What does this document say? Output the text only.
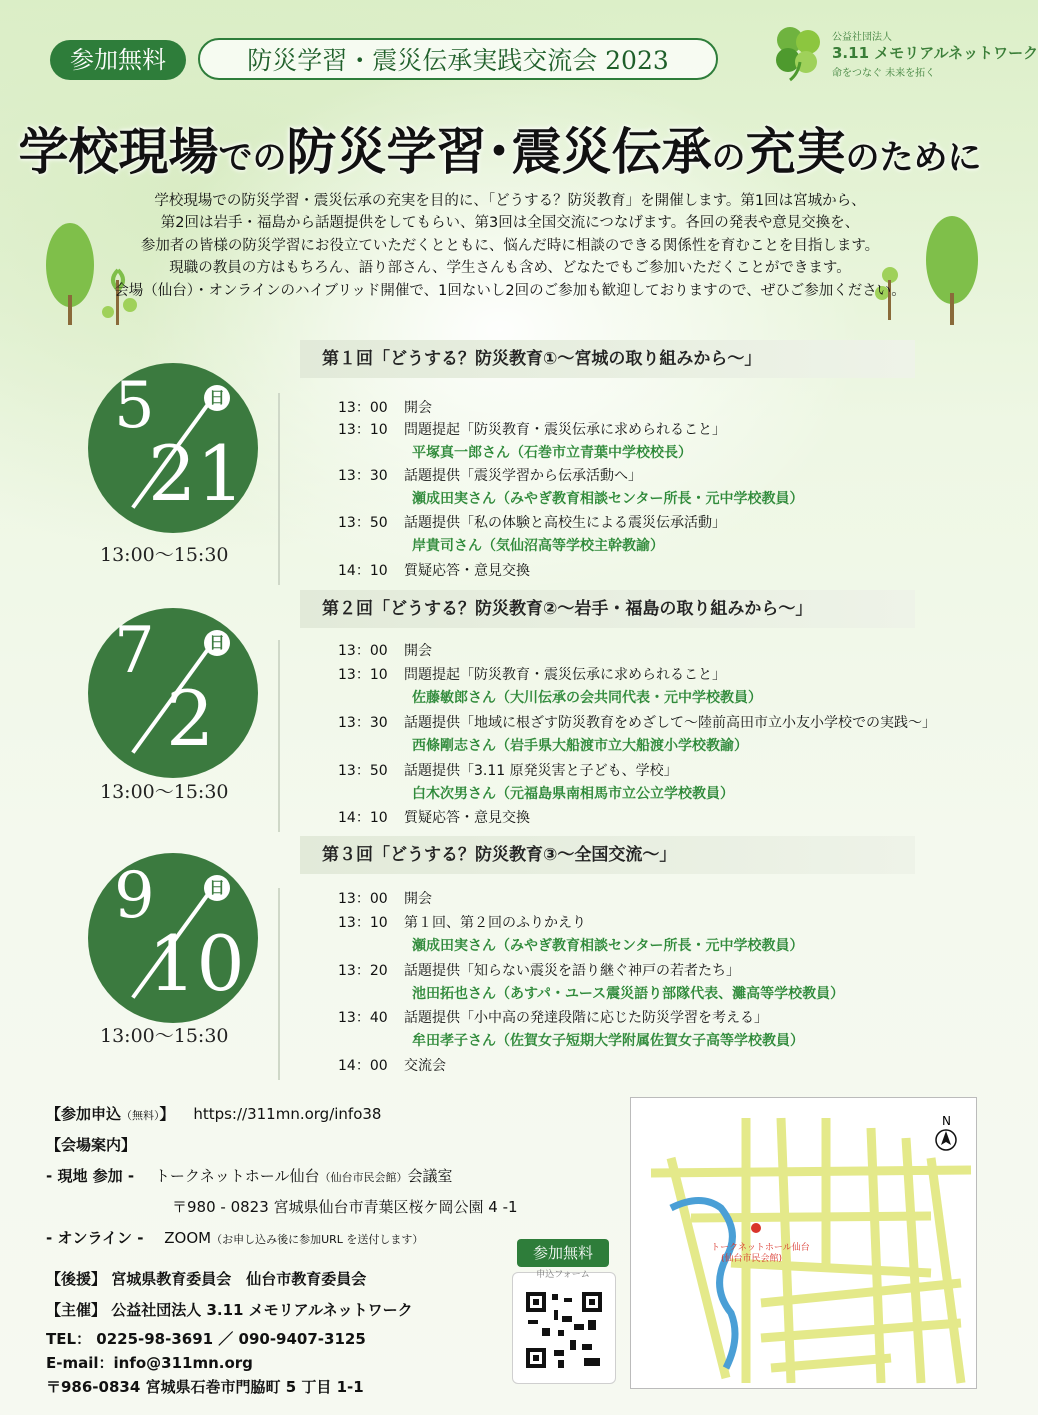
参加無料	防災学習・震災伝承実践交流会 2023
公益社団法人
3.11 メモリアルネットワーク
命をつなぐ 未来を拓く
学校現場での防災学習･震災伝承の充実のために
学校現場での防災学習・震災伝承の充実を目的に、「どうする？防災教育」を開催します。第1回は宮城から、
第2回は岩手・福島から話題提供をしてもらい、第3回は全国交流につなげます。各回の発表や意見交換を、
参加者の皆様の防災学習にお役立ていただくとともに、悩んだ時に相談のできる関係性を育むことを目指します。
現職の教員の方はもちろん、語り部さん、学生さんも含め、どなたでもご参加いただくことができます。
会場（仙台）・オンラインのハイブリッド開催で、1回ないし2回のご参加も歓迎しておりますので、ぜひご参加ください。
5	日
21
13:00〜15:30
第１回「どうする？防災教育①～宮城の取り組みから～」
13：00 開会
13：10 問題提起「防災教育・震災伝承に求められること」
平塚真一郎さん（石巻市立青葉中学校校長）
13：30 話題提供「震災学習から伝承活動へ」
瀬成田実さん（みやぎ教育相談センター所長・元中学校教員）
13：50 話題提供「私の体験と高校生による震災伝承活動」
岸貴司さん（気仙沼高等学校主幹教諭）
14：10 質疑応答・意見交換
7	日
2
13:00〜15:30
第２回「どうする？防災教育②～岩手・福島の取り組みから～」
13：00 開会
13：10 問題提起「防災教育・震災伝承に求められること」
佐藤敏郎さん（大川伝承の会共同代表・元中学校教員）
13：30 話題提供「地域に根ざす防災教育をめざして～陸前高田市立小友小学校での実践～」
西條剛志さん（岩手県大船渡市立大船渡小学校教諭）
13：50 話題提供「3.11 原発災害と子ども、学校」
白木次男さん（元福島県南相馬市立公立学校教員）
14：10 質疑応答・意見交換
9	日
10
13:00〜15:30
第３回「どうする？防災教育③～全国交流～」
13：00 開会
13：10 第１回、第２回のふりかえり
瀬成田実さん（みやぎ教育相談センター所長・元中学校教員）
13：20 話題提供「知らない震災を語り継ぐ神戸の若者たち」
池田拓也さん（あすパ・ユース震災語り部隊代表、灘高等学校教員）
13：40 話題提供「小中高の発達段階に応じた防災学習を考える」
牟田孝子さん（佐賀女子短期大学附属佐賀女子高等学校教員）
14：00 交流会
【参加申込（無料）】 https://311mn.org/info38
【会場案内】
- 現地 参加 - トークネットホール仙台（仙台市民会館）会議室
〒980 - 0823 宮城県仙台市青葉区桜ケ岡公園 4 -1
- オンライン - ZOOM（お申し込み後に参加URL を送付します）
【後援】 宮城県教育委員会　仙台市教育委員会
【主催】 公益社団法人 3.11 メモリアルネットワーク
TEL： 0225-98-3691 ／ 090-9407-3125
E-mail：info@311mn.org
〒986-0834 宮城県石巻市門脇町 5 丁目 1-1
参加無料
申込フォーム
トークネットホール仙台
(仙台市民会館)
N
